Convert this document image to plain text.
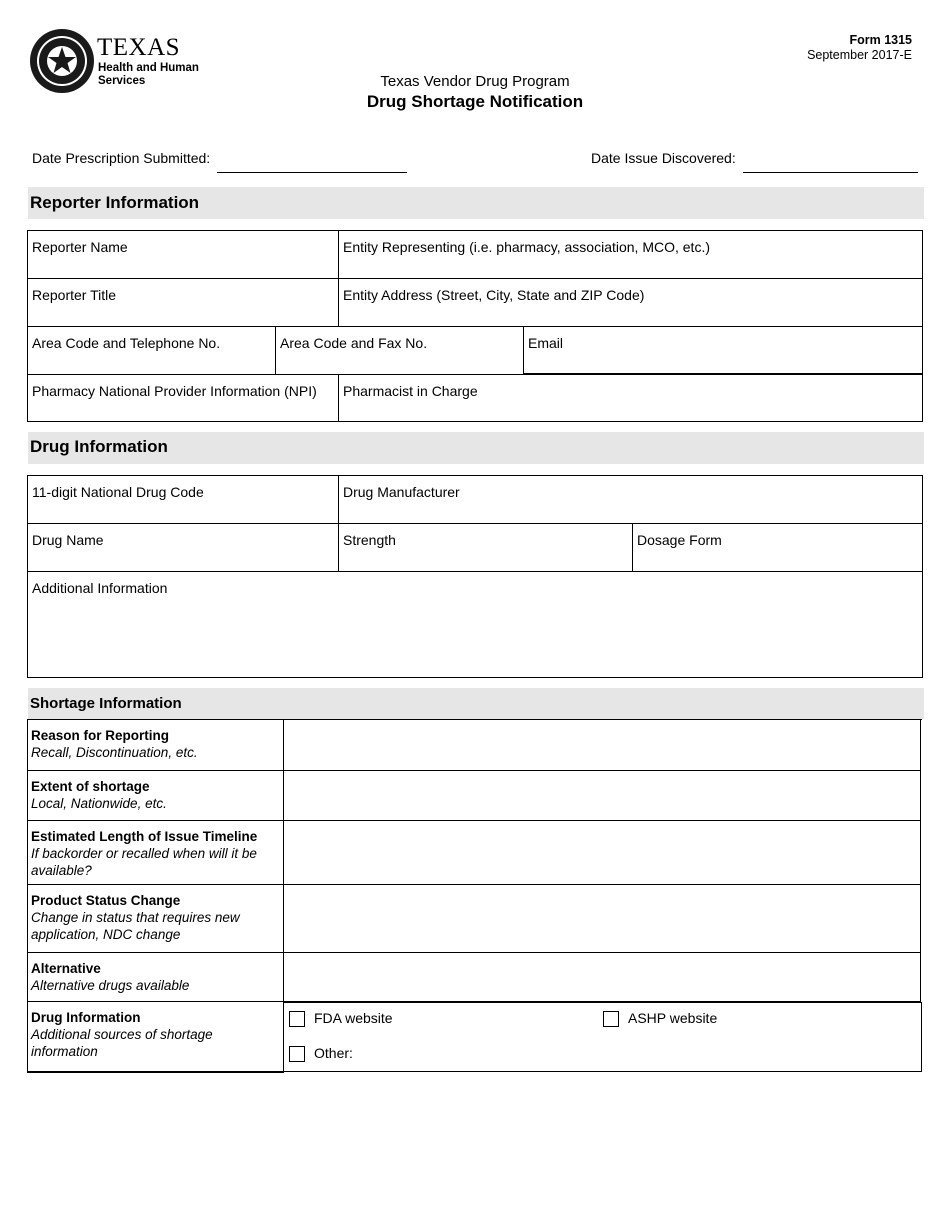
TEXAS
Health and Human
Services
Form 1315
September 2017-E
Texas Vendor Drug Program
Drug Shortage Notification
Date Prescription Submitted:	Date Issue Discovered:
Reporter Information
Reporter Name	Entity Representing (i.e. pharmacy, association, MCO, etc.)
Reporter Title	Entity Address (Street, City, State and ZIP Code)
Area Code and Telephone No.	Area Code and Fax No.	Email
Pharmacy National Provider Information (NPI)	Pharmacist in Charge
Drug Information
11-digit National Drug Code	Drug Manufacturer
Drug Name	Strength	Dosage Form
Additional Information
Shortage Information
Reason for Reporting
Recall, Discontinuation, etc.
Extent of shortage
Local, Nationwide, etc.
Estimated Length of Issue Timeline
If backorder or recalled when will it be available?
Product Status Change
Change in status that requires new application, NDC change
Alternative
Alternative drugs available
Drug Information
Additional sources of shortage information
FDA website	ASHP website
Other:
